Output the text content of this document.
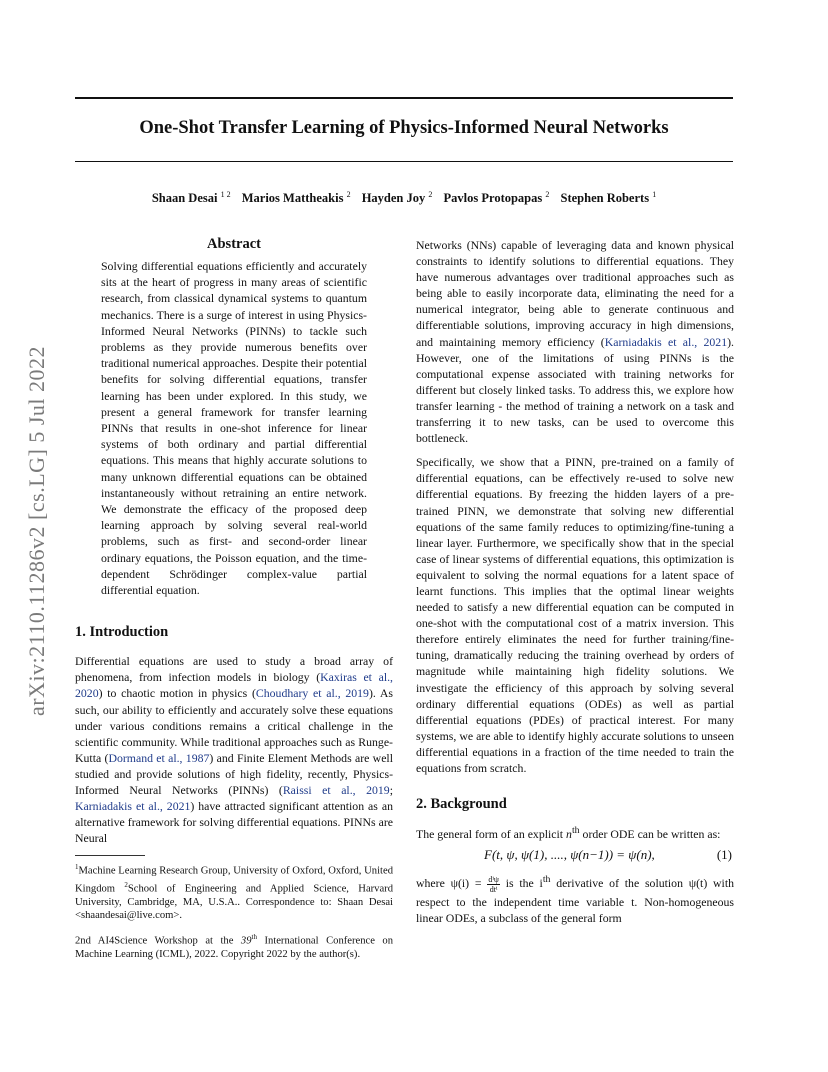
One-Shot Transfer Learning of Physics-Informed Neural Networks
Shaan Desai $^{1 2}$ Marios Mattheakis $^2$ Hayden Joy $^2$ Pavlos Protopapas $^2$ Stephen Roberts $^1$
arXiv:2110.11286v2 [cs.LG] 5 Jul 2022
Abstract

Solving differential equations efficiently and accurately sits at the heart of progress in many areas of scientific research, from classical dynamical systems to quantum mechanics. There is a surge of interest in using Physics-Informed Neural Networks (PINNs) to tackle such problems as they provide numerous benefits over traditional numerical approaches. Despite their potential benefits for solving differential equations, transfer learning has been under explored. In this study, we present a general framework for transfer learning PINNs that results in one-shot inference for linear systems of both ordinary and partial differential equations. This means that highly accurate solutions to many unknown differential equations can be obtained instantaneously without retraining an entire network. We demonstrate the efficacy of the proposed deep learning approach by solving several real-world problems, such as first- and second-order linear ordinary equations, the Poisson equation, and the time-dependent Schrödinger complex-value partial differential equation.

1. Introduction

Differential equations are used to study a broad array of phenomena, from infection models in biology (Kaxiras et al., 2020) to chaotic motion in physics (Choudhary et al., 2019). As such, our ability to efficiently and accurately solve these equations under various conditions remains a critical challenge in the scientific community. While traditional approaches such as Runge-Kutta (Dormand et al., 1987) and Finite Element Methods are well studied and provide solutions of high fidelity, recently, Physics-Informed Neural Networks (PINNs) (Raissi et al., 2019; Karniadakis et al., 2021) have attracted significant attention as an alternative framework for solving differential equations. PINNs are Neural

$^1$Machine Learning Research Group, University of Oxford, Oxford, United Kingdom $^2$School of Engineering and Applied Science, Harvard University, Cambridge, MA, U.S.A.. Correspondence to: Shaan Desai <shaandesai@live.com>.

2nd AI4Science Workshop at the 39th International Conference on Machine Learning (ICML), 2022. Copyright 2022 by the author(s).

Networks (NNs) capable of leveraging data and known physical constraints to identify solutions to differential equations. They have numerous advantages over traditional approaches such as being able to easily incorporate data, eliminating the need for a numerical integrator, being able to generate continuous and differentiable solutions, improving accuracy in high dimensions, and maintaining memory efficiency (Karniadakis et al., 2021). However, one of the limitations of using PINNs is the computational expense associated with training networks for different but closely linked tasks. To address this, we explore how transfer learning - the method of training a network on a task and transferring it to new tasks, can be used to overcome this bottleneck.

Specifically, we show that a PINN, pre-trained on a family of differential equations, can be effectively re-used to solve new differential equations. By freezing the hidden layers of a pre-trained PINN, we demonstrate that solving new differential equations of the same family reduces to optimizing/fine-tuning a linear layer. Furthermore, we specifically show that in the special case of linear systems of differential equations, this optimization is equivalent to solving the normal equations for a latent space of learnt functions. This implies that the optimal linear weights needed to satisfy a new differential equation can be computed in one-shot with the computational cost of a matrix inversion. This therefore entirely eliminates the need for further training/fine-tuning, dramatically reducing the training overhead by orders of magnitude while maintaining high fidelity solutions. We investigate the efficiency of this approach by solving several ordinary differential equations (ODEs) as well as partial differential equations (PDEs) of practical interest. For many systems, we are able to identify highly accurate solutions to unseen differential equations in a fraction of the time needed to train the equations from scratch.

2. Background

The general form of an explicit $n^{th}$ order ODE can be written as:

F(t, ψ, ψ(1), ...., ψ(n−1)) = ψ(n),	(1)

where $\psi(i) = \frac{\text{dⁱψ}}{\text{dtⁱ}}$ is the $i^{th}$ derivative of the solution ψ(t) with respect to the independent time variable t. Non-homogeneous linear ODEs, a subclass of the general form
